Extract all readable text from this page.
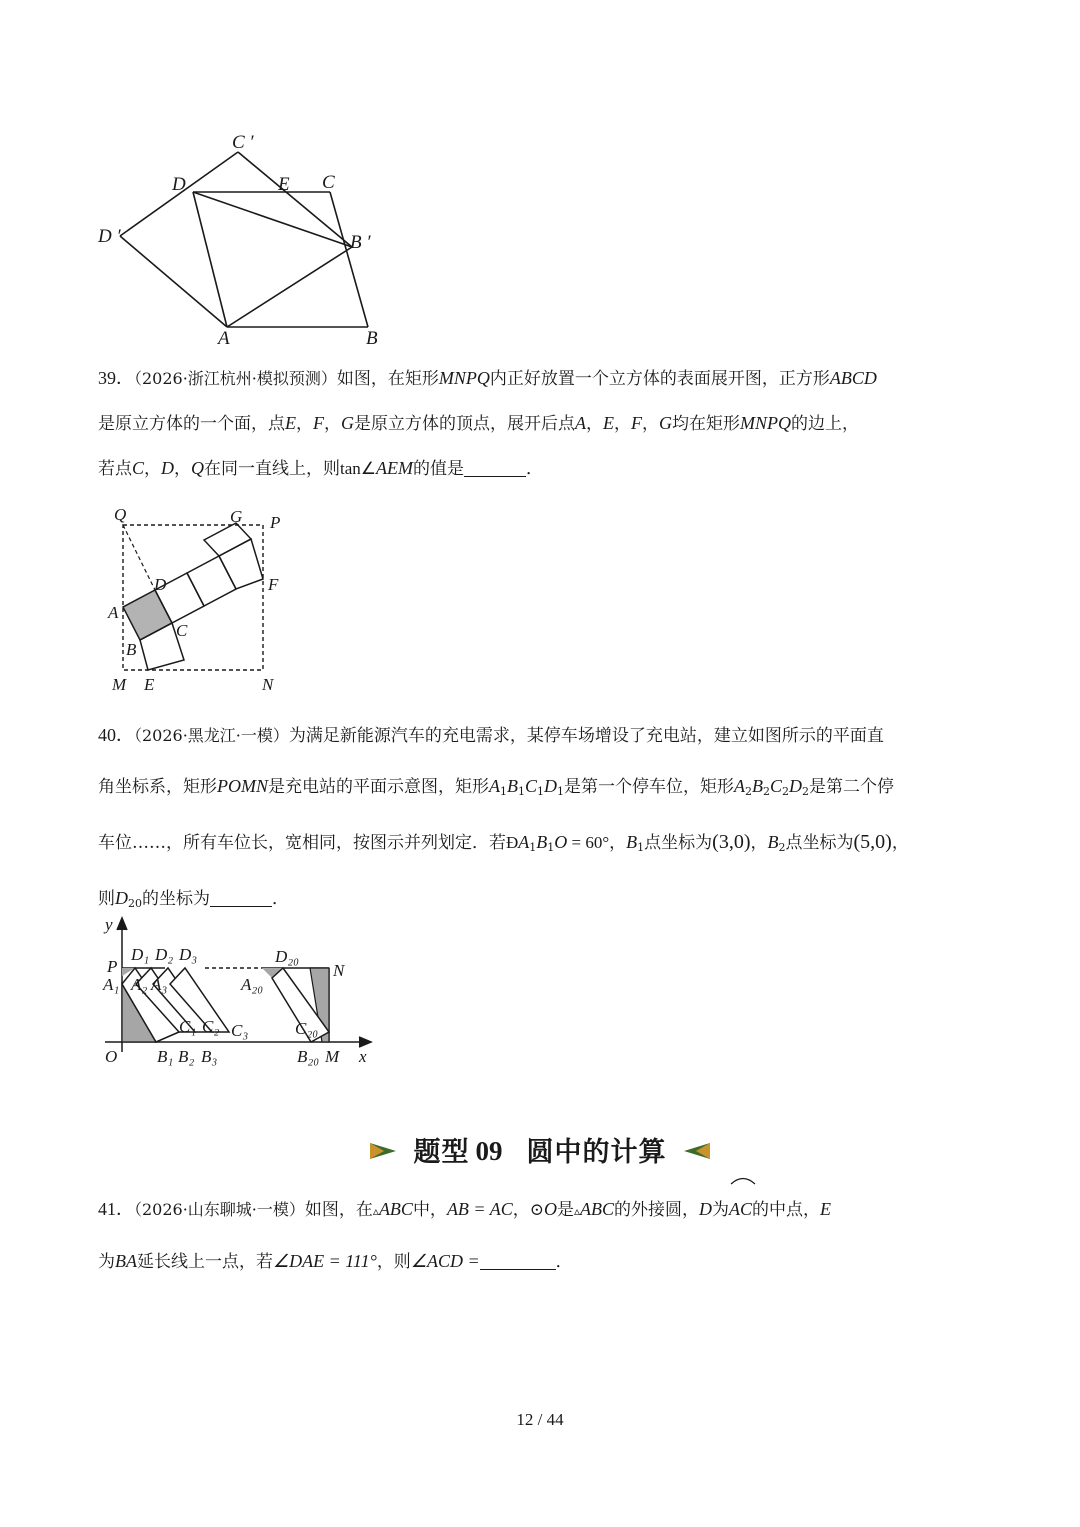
C ′
D	E C
D ′	B ′
A	B
39．（2026·浙江杭州·模拟预测）如图，在矩形MNPQ内正好放置一个立方体的表面展开图，正方形ABCD
是原立方体的一个面，点E，F，G是原立方体的顶点，展开后点A，E，F，G均在矩形MNPQ的边上，
若点C，D，Q在同一直线上，则tan∠AEM的值是	．
Q	G P
D	F
A
C
B
M E	N
40．（2026·黑龙江·一模）为满足新能源汽车的充电需求，某停车场增设了充电站，建立如图所示的平面直
角坐标系，矩形POMN是充电站的平面示意图，矩形$A_1B_1C_1D_1$是第一个停车位，矩形$A_2B_2C_2D_2$是第二个停
车位……，所有车位长，宽相同，按图示并列划定．若$ÐA_1B_1O = 60^\circ$，$B_1$点坐标为(3,0)，$B_2$点坐标为(5,0)，
则$D_{20}$的坐标为	．
y
P
D₁ D₂ D₃	D₂₀
N
A₁ A₂ A₃	A₂₀
C₁ C₂ C₃	C₂₀
O B₁ B₂ B₃	B₂₀ M x
题型 09 圆中的计算
41．（2026·山东聊城·一模）如图，在▵ABC中，AB = AC，⊙O是▵ABC的外接圆，D为
AC的中点，E
为BA延长线上一点，若∠DAE = 111°，则∠ACD =	．
12 / 44
